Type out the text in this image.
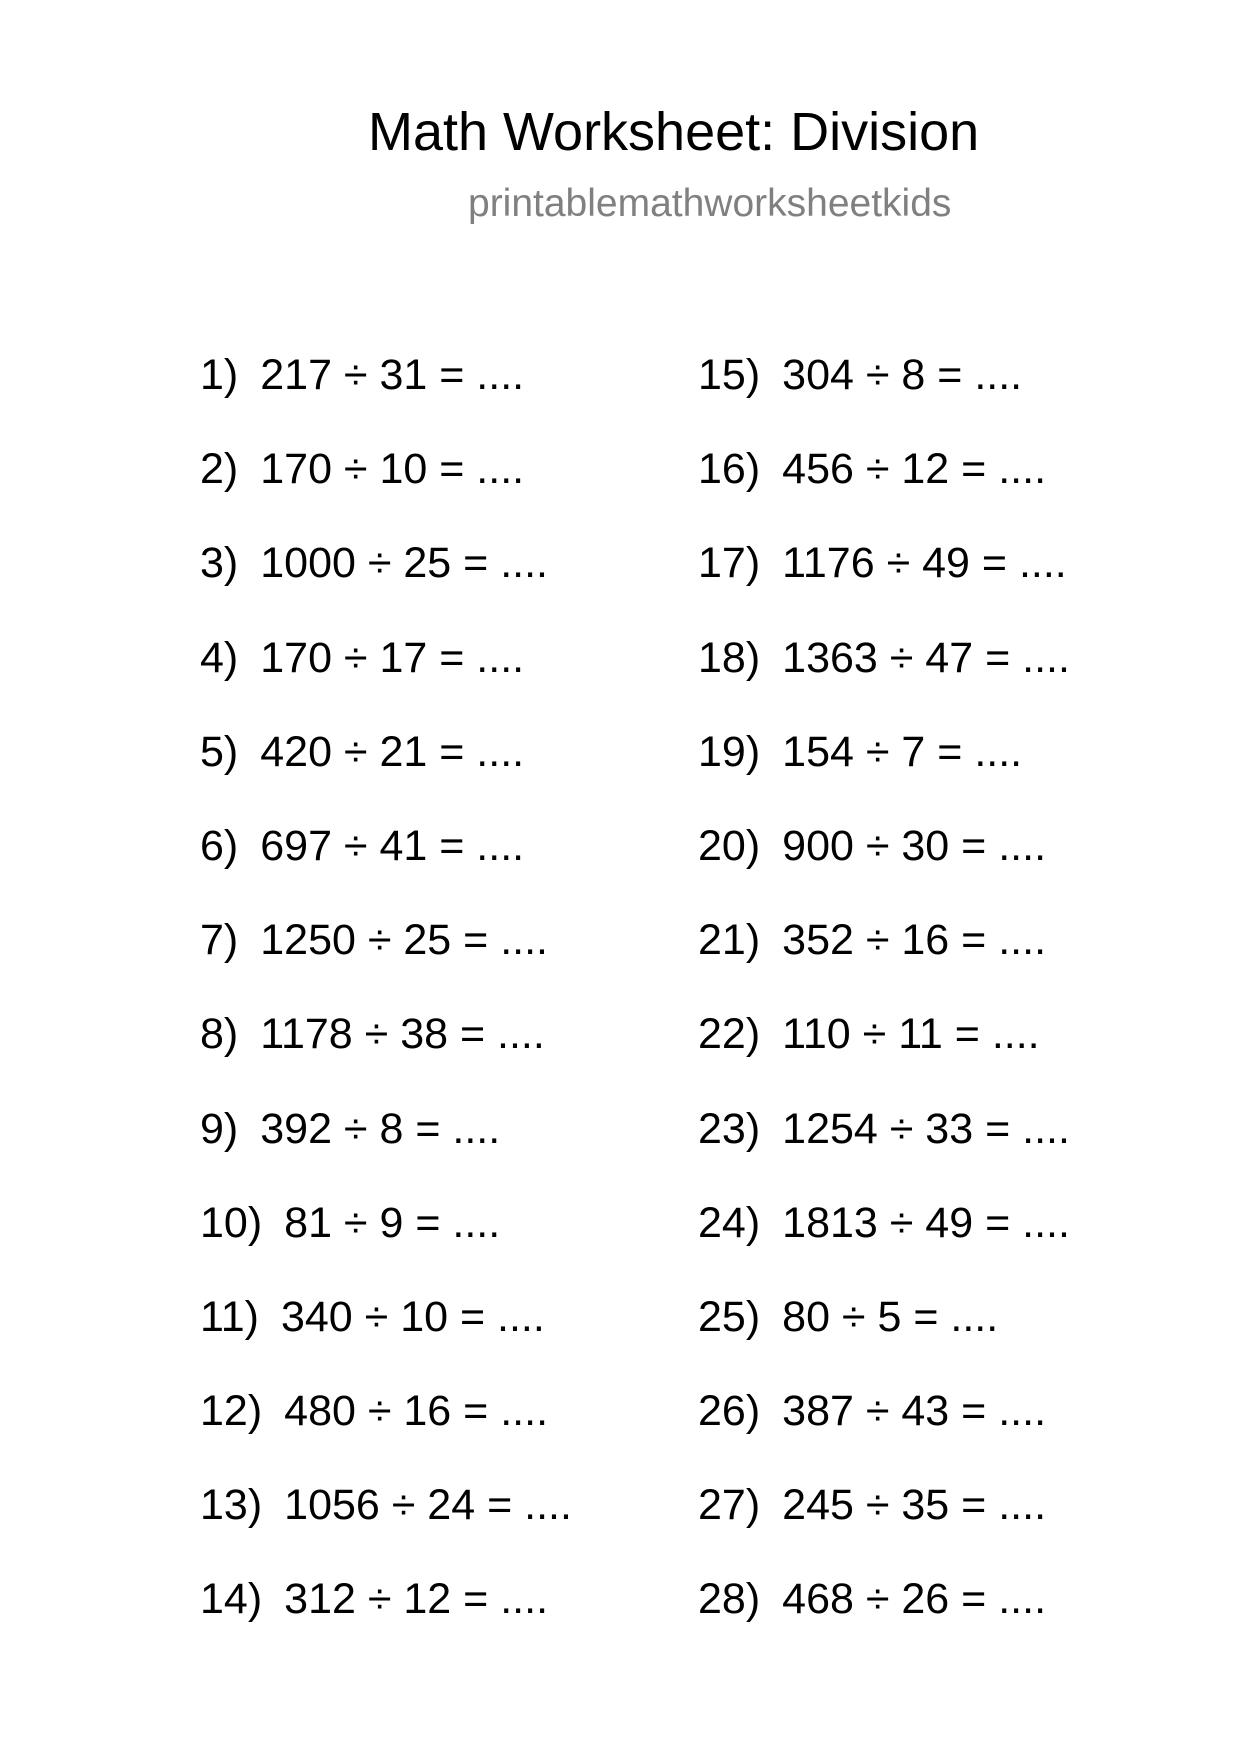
Math Worksheet: Division
printablemathworksheetkids
1) 217 ÷ 31 = ....
2) 170 ÷ 10 = ....
3) 1000 ÷ 25 = ....
4) 170 ÷ 17 = ....
5) 420 ÷ 21 = ....
6) 697 ÷ 41 = ....
7) 1250 ÷ 25 = ....
8) 1178 ÷ 38 = ....
9) 392 ÷ 8 = ....
10) 81 ÷ 9 = ....
11) 340 ÷ 10 = ....
12) 480 ÷ 16 = ....
13) 1056 ÷ 24 = ....
14) 312 ÷ 12 = ....
15) 304 ÷ 8 = ....
16) 456 ÷ 12 = ....
17) 1176 ÷ 49 = ....
18) 1363 ÷ 47 = ....
19) 154 ÷ 7 = ....
20) 900 ÷ 30 = ....
21) 352 ÷ 16 = ....
22) 110 ÷ 11 = ....
23) 1254 ÷ 33 = ....
24) 1813 ÷ 49 = ....
25) 80 ÷ 5 = ....
26) 387 ÷ 43 = ....
27) 245 ÷ 35 = ....
28) 468 ÷ 26 = ....
